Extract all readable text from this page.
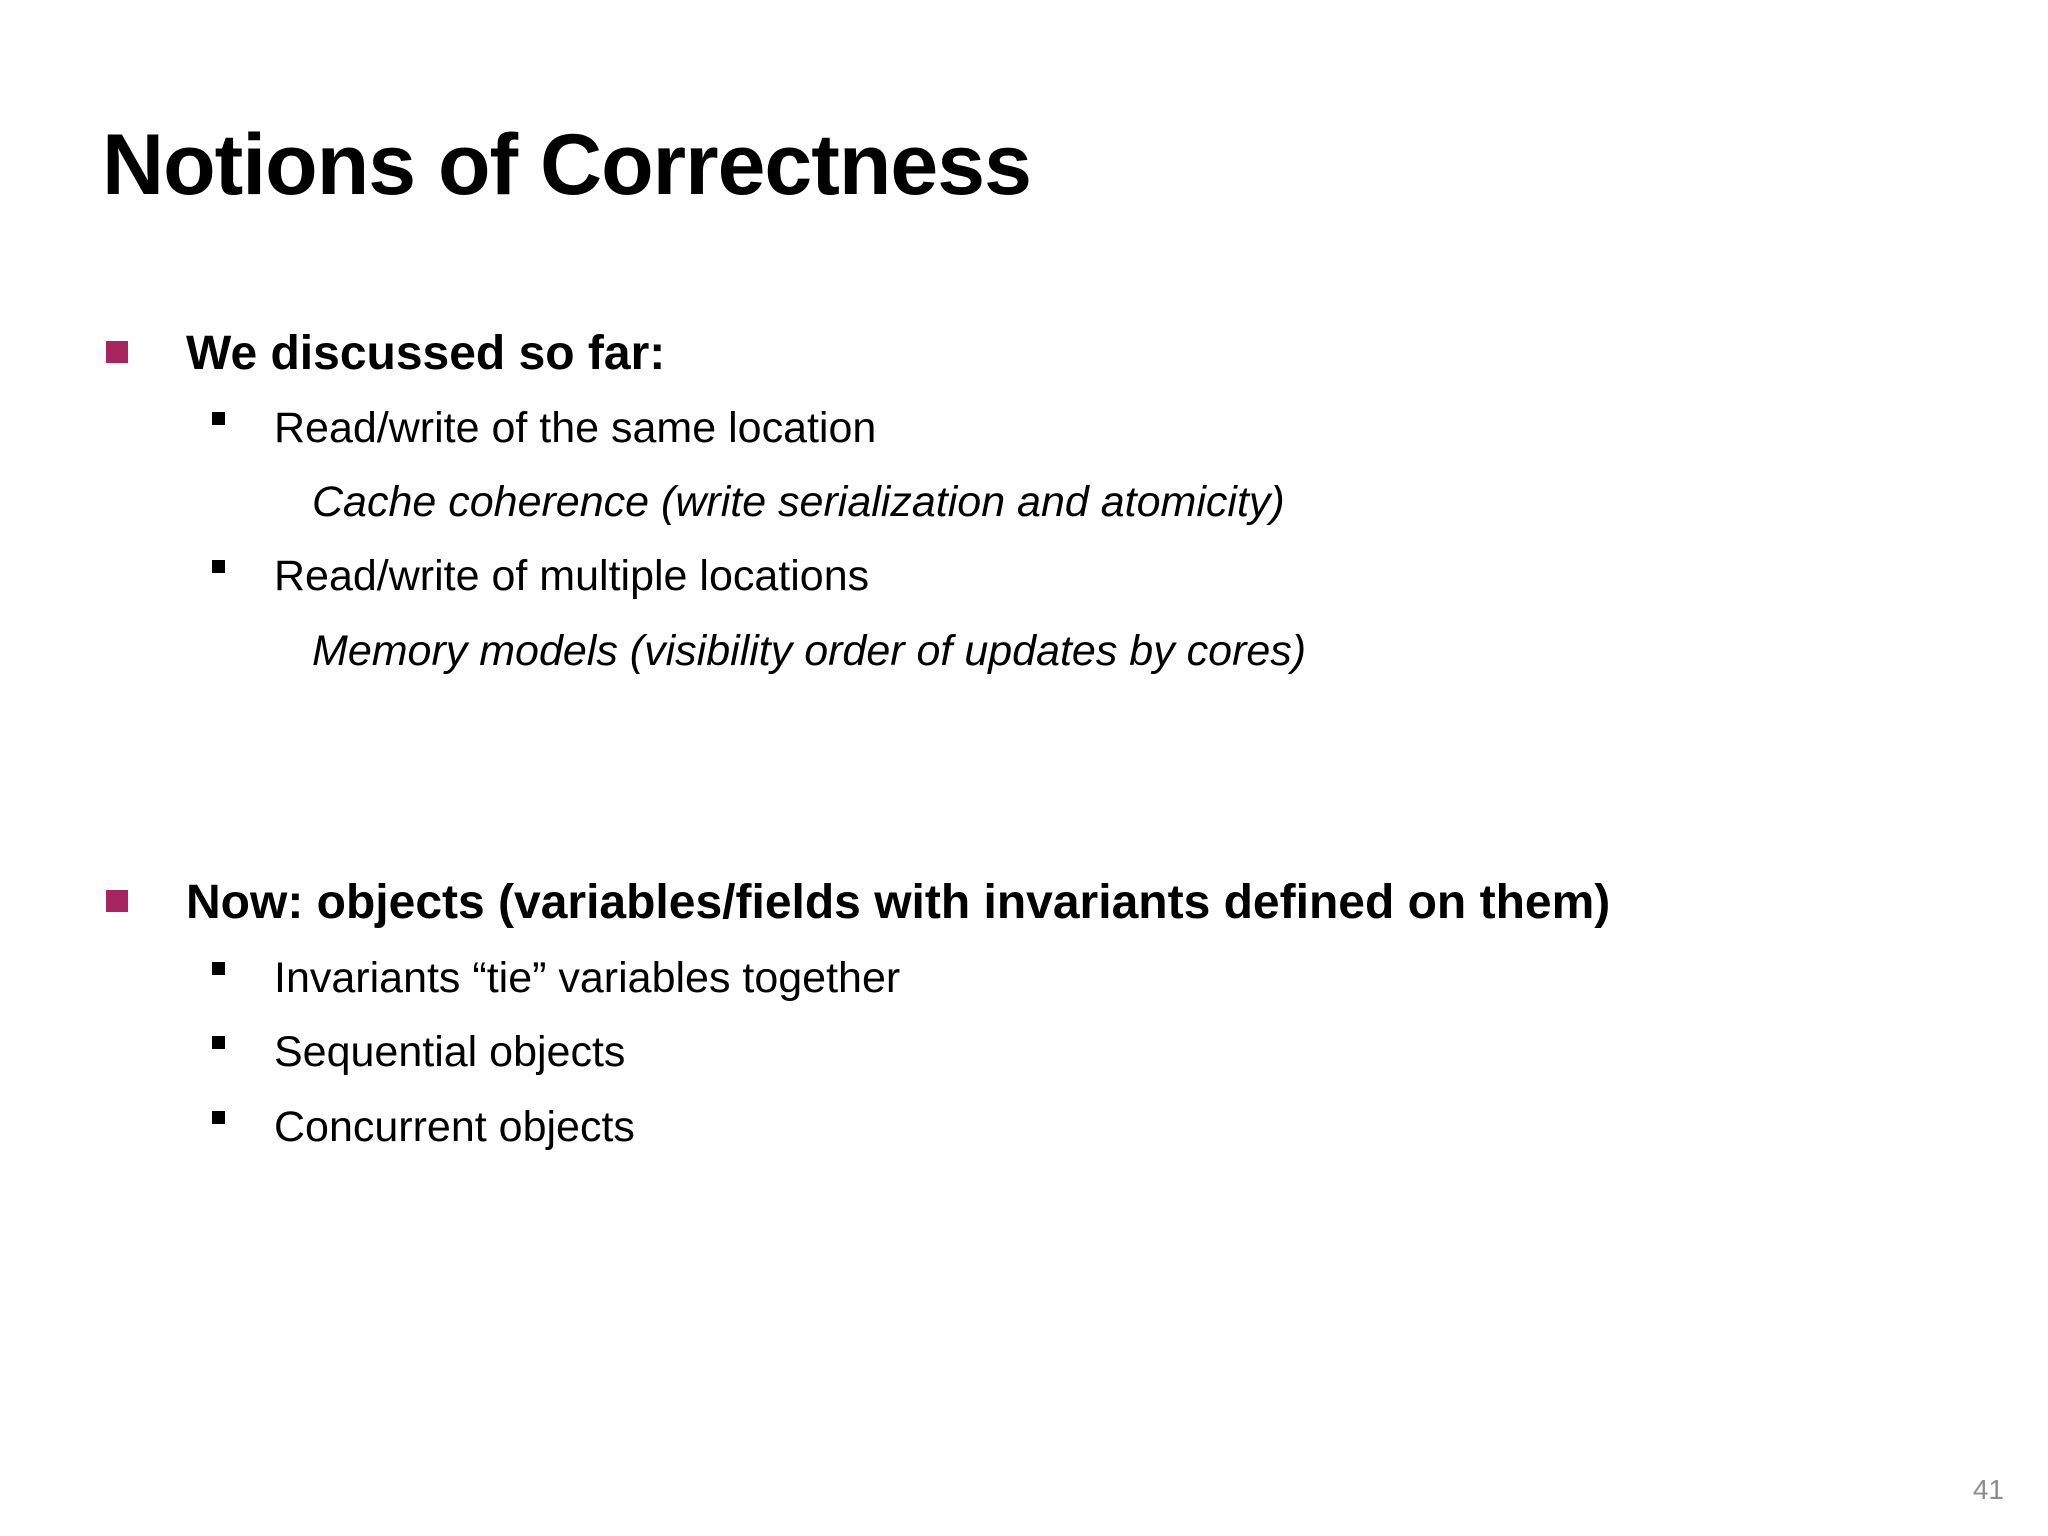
Notions of Correctness
We discussed so far:
Read/write of the same location
Cache coherence (write serialization and atomicity)
Read/write of multiple locations
Memory models (visibility order of updates by cores)
Now: objects (variables/fields with invariants defined on them)
Invariants “tie” variables together
Sequential objects
Concurrent objects
41
